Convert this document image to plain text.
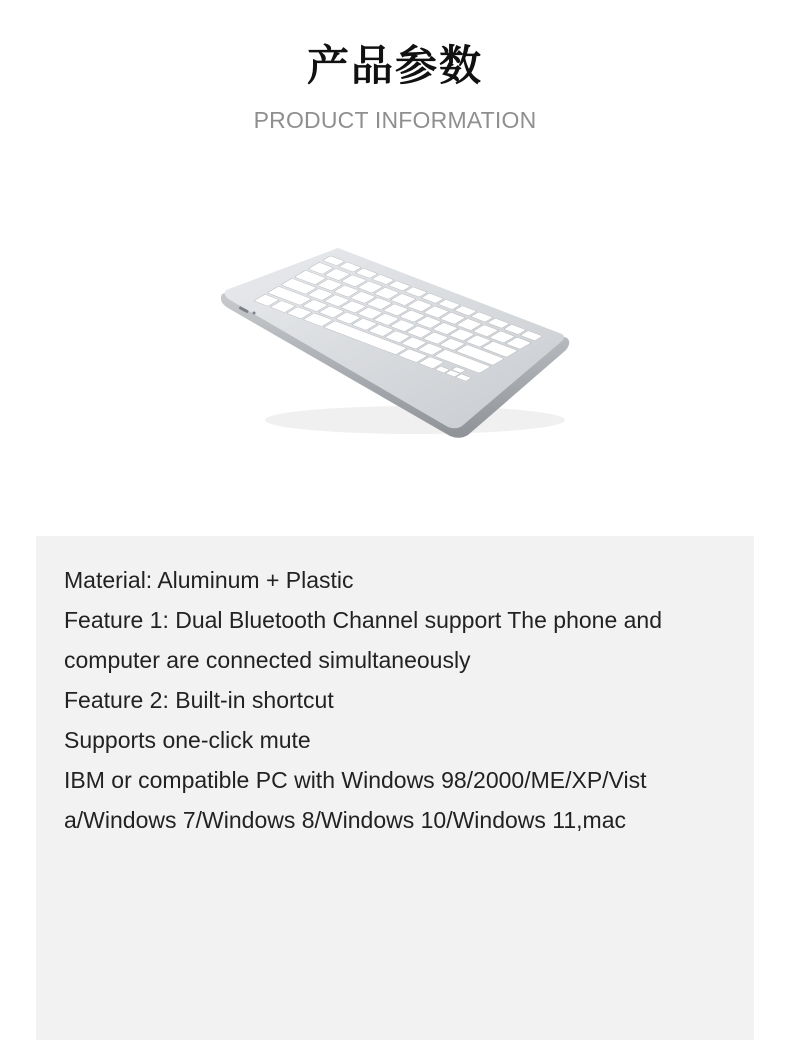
产品参数
PRODUCT INFORMATION
Material: Aluminum + Plastic
Feature 1: Dual Bluetooth Channel support The phone and
computer are connected simultaneously
Feature 2: Built-in shortcut
Supports one-click mute
IBM or compatible PC with Windows 98/2000/ME/XP/Vist
a/Windows 7/Windows 8/Windows 10/Windows 11,mac
